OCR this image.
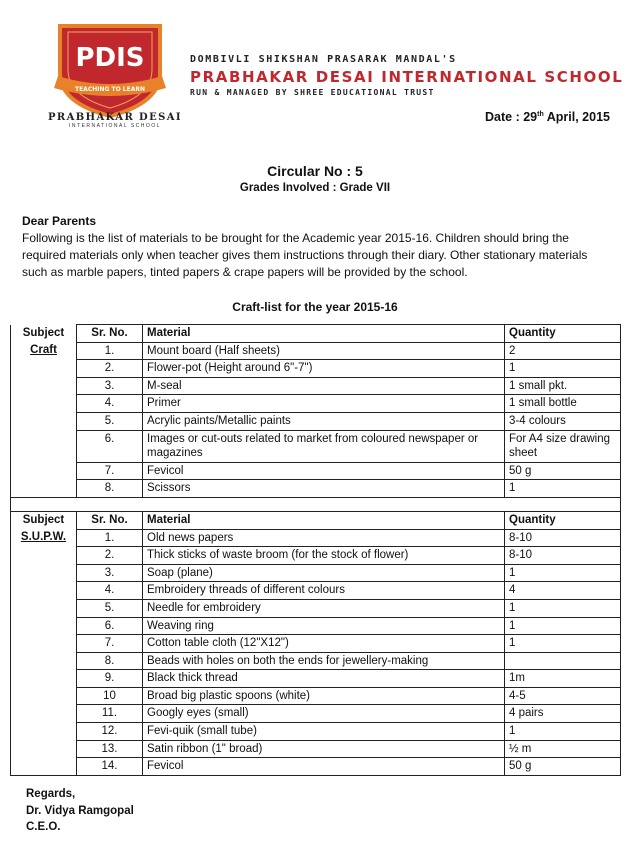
PDIS
TEACHING TO LEARN
PRABHAKAR DESAI
INTERNATIONAL SCHOOL
DOMBIVLI SHIKSHAN PRASARAK MANDAL'S
PRABHAKAR DESAI INTERNATIONAL SCHOOL
RUN & MANAGED BY SHREE EDUCATIONAL TRUST
Date : 29th April, 2015
Circular No : 5
Grades Involved : Grade VII
Dear Parents
Following is the list of materials to be brought for the Academic year 2015-16. Children should bring the required materials only when teacher gives them instructions through their diary. Other stationary materials such as marble papers, tinted papers & crape papers will be provided by the school.
Craft-list for the year 2015-16
Subject	Sr. No.	Material	Quantity
Craft	1.	Mount board (Half sheets)	2
	2.	Flower-pot (Height around 6"-7")	1
	3.	M-seal	1 small pkt.
	4.	Primer	1 small bottle
	5.	Acrylic paints/Metallic paints	3-4 colours
	6.	Images or cut-outs related to market from coloured newspaper or magazines	For A4 size drawing sheet
	7.	Fevicol	50 g
	8.	Scissors	1

Subject	Sr. No.	Material	Quantity
S.U.P.W.	1.	Old news papers	8-10
	2.	Thick sticks of waste broom (for the stock of flower)	8-10
	3.	Soap (plane)	1
	4.	Embroidery threads of different colours	4
	5.	Needle for embroidery	1
	6.	Weaving ring	1
	7.	Cotton table cloth (12"X12")	1
	8.	Beads with holes on both the ends for jewellery-making	
	9.	Black thick thread	1m
	10	Broad big plastic spoons (white)	4-5
	11.	Googly eyes (small)	4 pairs
	12.	Fevi-quik (small tube)	1
	13.	Satin ribbon (1" broad)	½ m
	14.	Fevicol	50 g
Regards,
Dr. Vidya Ramgopal
C.E.O.
